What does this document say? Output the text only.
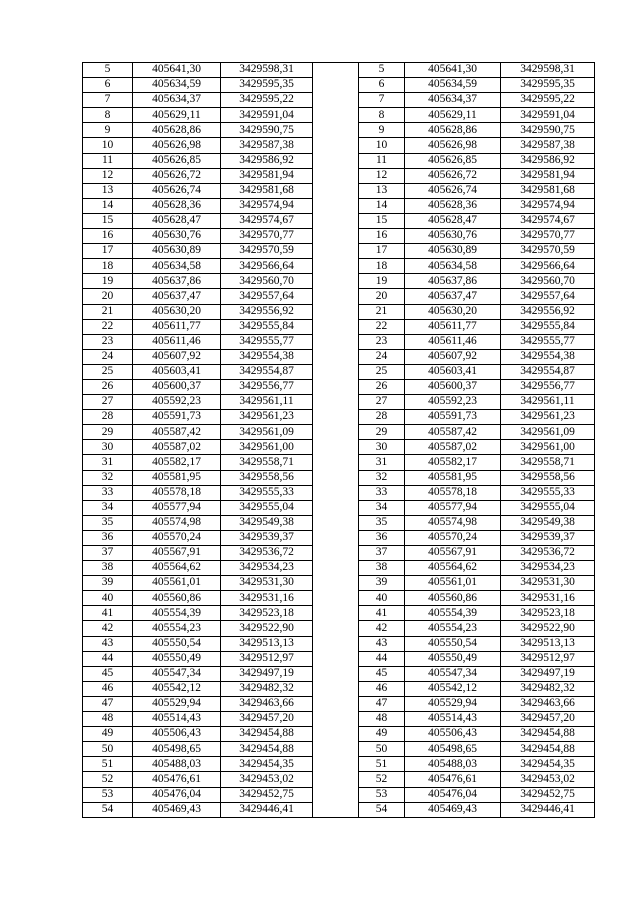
5	405641,30	3429598,31		5	405641,30	3429598,31
6	405634,59	3429595,35		6	405634,59	3429595,35
7	405634,37	3429595,22		7	405634,37	3429595,22
8	405629,11	3429591,04		8	405629,11	3429591,04
9	405628,86	3429590,75		9	405628,86	3429590,75
10	405626,98	3429587,38		10	405626,98	3429587,38
11	405626,85	3429586,92		11	405626,85	3429586,92
12	405626,72	3429581,94		12	405626,72	3429581,94
13	405626,74	3429581,68		13	405626,74	3429581,68
14	405628,36	3429574,94		14	405628,36	3429574,94
15	405628,47	3429574,67		15	405628,47	3429574,67
16	405630,76	3429570,77		16	405630,76	3429570,77
17	405630,89	3429570,59		17	405630,89	3429570,59
18	405634,58	3429566,64		18	405634,58	3429566,64
19	405637,86	3429560,70		19	405637,86	3429560,70
20	405637,47	3429557,64		20	405637,47	3429557,64
21	405630,20	3429556,92		21	405630,20	3429556,92
22	405611,77	3429555,84		22	405611,77	3429555,84
23	405611,46	3429555,77		23	405611,46	3429555,77
24	405607,92	3429554,38		24	405607,92	3429554,38
25	405603,41	3429554,87		25	405603,41	3429554,87
26	405600,37	3429556,77		26	405600,37	3429556,77
27	405592,23	3429561,11		27	405592,23	3429561,11
28	405591,73	3429561,23		28	405591,73	3429561,23
29	405587,42	3429561,09		29	405587,42	3429561,09
30	405587,02	3429561,00		30	405587,02	3429561,00
31	405582,17	3429558,71		31	405582,17	3429558,71
32	405581,95	3429558,56		32	405581,95	3429558,56
33	405578,18	3429555,33		33	405578,18	3429555,33
34	405577,94	3429555,04		34	405577,94	3429555,04
35	405574,98	3429549,38		35	405574,98	3429549,38
36	405570,24	3429539,37		36	405570,24	3429539,37
37	405567,91	3429536,72		37	405567,91	3429536,72
38	405564,62	3429534,23		38	405564,62	3429534,23
39	405561,01	3429531,30		39	405561,01	3429531,30
40	405560,86	3429531,16		40	405560,86	3429531,16
41	405554,39	3429523,18		41	405554,39	3429523,18
42	405554,23	3429522,90		42	405554,23	3429522,90
43	405550,54	3429513,13		43	405550,54	3429513,13
44	405550,49	3429512,97		44	405550,49	3429512,97
45	405547,34	3429497,19		45	405547,34	3429497,19
46	405542,12	3429482,32		46	405542,12	3429482,32
47	405529,94	3429463,66		47	405529,94	3429463,66
48	405514,43	3429457,20		48	405514,43	3429457,20
49	405506,43	3429454,88		49	405506,43	3429454,88
50	405498,65	3429454,88		50	405498,65	3429454,88
51	405488,03	3429454,35		51	405488,03	3429454,35
52	405476,61	3429453,02		52	405476,61	3429453,02
53	405476,04	3429452,75		53	405476,04	3429452,75
54	405469,43	3429446,41		54	405469,43	3429446,41
